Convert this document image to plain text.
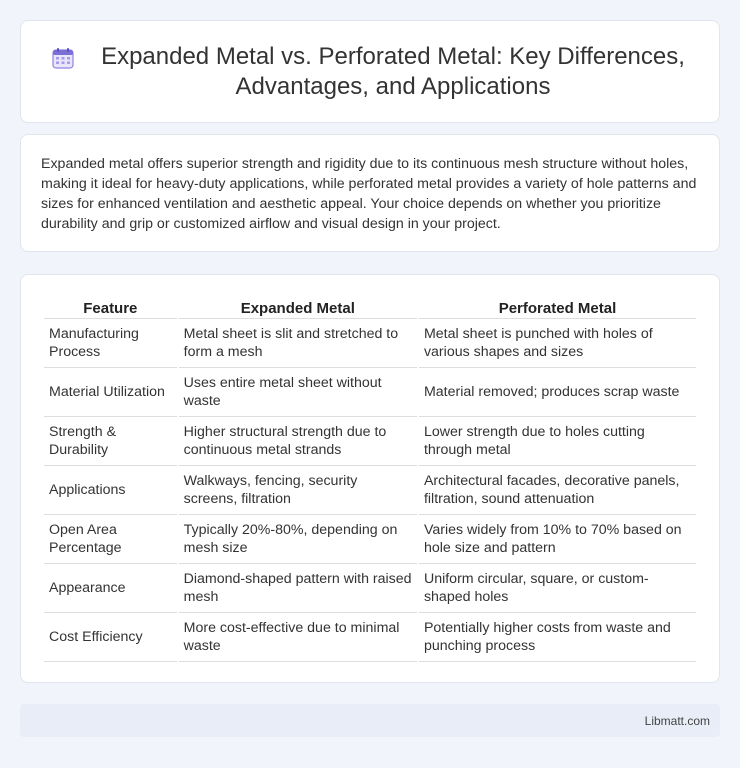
Expanded Metal vs. Perforated Metal: Key Differences, Advantages, and Applications

Expanded metal offers superior strength and rigidity due to its continuous mesh structure without holes, making it ideal for heavy-duty applications, while perforated metal provides a variety of hole patterns and sizes for enhanced ventilation and aesthetic appeal. Your choice depends on whether you prioritize durability and grip or customized airflow and visual design in your project.

Feature	Expanded Metal	Perforated Metal
Manufacturing Process	Metal sheet is slit and stretched to form a mesh	Metal sheet is punched with holes of various shapes and sizes
Material Utilization	Uses entire metal sheet without waste	Material removed; produces scrap waste
Strength & Durability	Higher structural strength due to continuous metal strands	Lower strength due to holes cutting through metal
Applications	Walkways, fencing, security screens, filtration	Architectural facades, decorative panels, filtration, sound attenuation
Open Area Percentage	Typically 20%-80%, depending on mesh size	Varies widely from 10% to 70% based on hole size and pattern
Appearance	Diamond-shaped pattern with raised mesh	Uniform circular, square, or custom-shaped holes
Cost Efficiency	More cost-effective due to minimal waste	Potentially higher costs from waste and punching process
Libmatt.com
